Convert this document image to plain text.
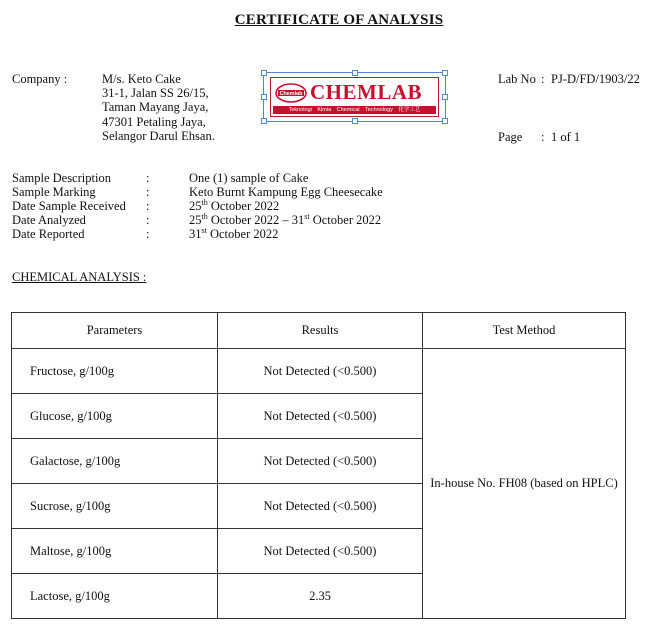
CERTIFICATE OF ANALYSIS
Company :	M/s. Keto Cake
31-1, Jalan SS 26/15,
Taman Mayang Jaya,
47301 Petaling Jaya,
Selangor Darul Ehsan.
Chemlab CHEMLAB
Teknologi Kimia Chemical Technology 化学工艺
Lab No : PJ-D/FD/1903/22
Page : 1 of 1
Sample Description	:	One (1) sample of Cake
Sample Marking	:	Keto Burnt Kampung Egg Cheesecake
Date Sample Received :	25th October 2022
Date Analyzed	:	25th October 2022 – 31st October 2022
Date Reported	:	31st October 2022
CHEMICAL ANALYSIS :
Parameters	Results	Test Method
Fructose, g/100g	Not Detected (<0.500)	In-house No. FH08 (based on HPLC)
Glucose, g/100g	Not Detected (<0.500)	
Galactose, g/100g	Not Detected (<0.500)	
Sucrose, g/100g	Not Detected (<0.500)	
Maltose, g/100g	Not Detected (<0.500)	
Lactose, g/100g	2.35	
